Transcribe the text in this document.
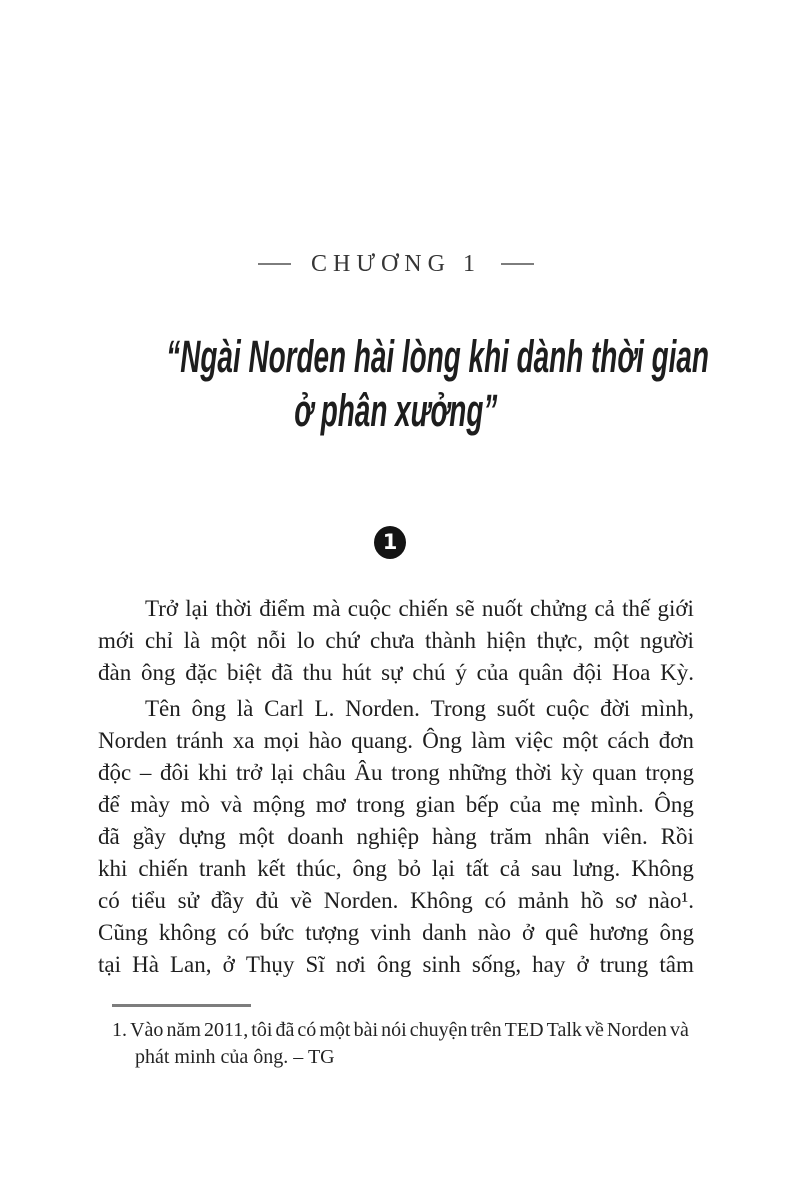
CHƯƠNG 1
“Ngài Norden hài lòng khi dành thời gian
ở phân xưởng”
1
Trở lại thời điểm mà cuộc chiến sẽ nuốt chửng cả thế giới
mới chỉ là một nỗi lo chứ chưa thành hiện thực, một người
đàn ông đặc biệt đã thu hút sự chú ý của quân đội Hoa Kỳ.
Tên ông là Carl L. Norden. Trong suốt cuộc đời mình,
Norden tránh xa mọi hào quang. Ông làm việc một cách đơn
độc – đôi khi trở lại châu Âu trong những thời kỳ quan trọng
để mày mò và mộng mơ trong gian bếp của mẹ mình. Ông
đã gầy dựng một doanh nghiệp hàng trăm nhân viên. Rồi
khi chiến tranh kết thúc, ông bỏ lại tất cả sau lưng. Không
có tiểu sử đầy đủ về Norden. Không có mảnh hồ sơ nào¹.
Cũng không có bức tượng vinh danh nào ở quê hương ông
tại Hà Lan, ở Thụy Sĩ nơi ông sinh sống, hay ở trung tâm
1. Vào năm 2011, tôi đã có một bài nói chuyện trên TED Talk về Norden và
phát minh của ông. – TG
